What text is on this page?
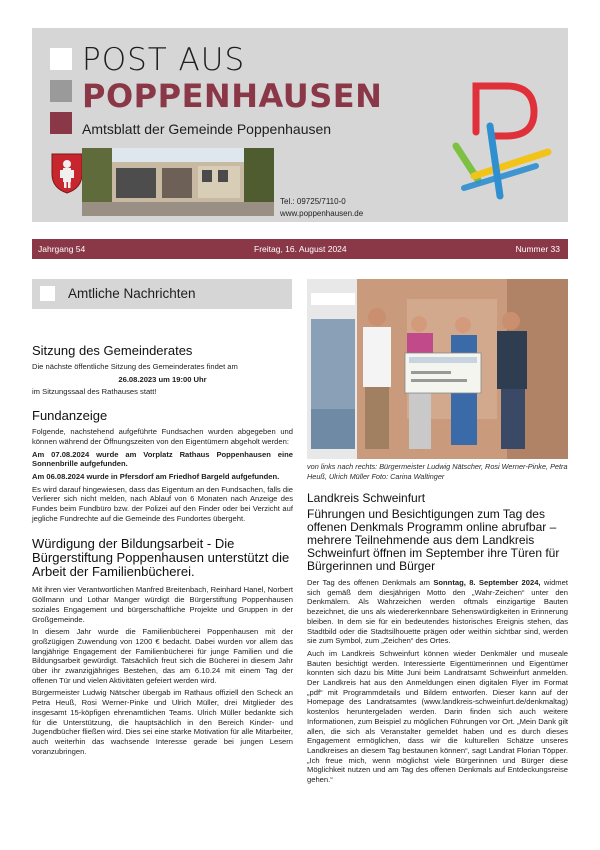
POST AUS
POPPENHAUSEN
Amtsblatt der Gemeinde Poppenhausen
Tel.: 09725/7110-0
www.poppenhausen.de
Jahrgang 54	Freitag, 16. August 2024	Nummer 33
Amtliche Nachrichten
Sitzung des Gemeinderates

Die nächste öffentliche Sitzung des Gemeinderates findet am

26.08.2023 um 19:00 Uhr

im Sitzungssaal des Rathauses statt!

Fundanzeige

Folgende, nachstehend aufgeführte Fundsachen wurden abgegeben und können während der Öffnungszeiten von den Eigentümern abgeholt werden:

Am 07.08.2024 wurde am Vorplatz Rathaus Poppenhausen eine Sonnenbrille aufgefunden.

Am 06.08.2024 wurde in Pfersdorf am Friedhof Bargeld aufgefunden.

Es wird darauf hingewiesen, dass das Eigentum an den Fundsachen, falls die Verlierer sich nicht melden, nach Ablauf von 6 Monaten nach Anzeige des Fundes beim Fundbüro bzw. der Polizei auf den Finder oder bei Verzicht auf jegliche Fundrechte auf die Gemeinde des Fundortes übergeht.

Würdigung der Bildungsarbeit - Die Bürgerstiftung Poppenhausen unterstützt die Arbeit der Familienbücherei.

Mit ihren vier Verantwortlichen Manfred Breitenbach, Reinhard Hanel, Norbert Göllmann und Lothar Manger würdigt die Bürgerstiftung Poppenhausen soziales Engagement und bürgerschaftliche Projekte und Gruppen in der Großgemeinde.

In diesem Jahr wurde die Familienbücherei Poppenhausen mit der großzügigen Zuwendung von 1200 € bedacht. Dabei wurden vor allem das langjährige Engagement der Familienbücherei für junge Familien und die Bildungsarbeit gewürdigt. Tatsächlich freut sich die Bücherei in diesem Jahr über ihr zwanzigjähriges Bestehen, das am 6.10.24 mit einem Tag der offenen Tür und vielen Aktivitäten gefeiert werden wird.

Bürgermeister Ludwig Nätscher übergab im Rathaus offiziell den Scheck an Petra Heuß, Rosi Werner-Pinke und Ulrich Müller, drei Mitglieder des insgesamt 15-köpfigen ehrenamtlichen Teams. Ulrich Müller bedankte sich für die Unterstützung, die hauptsächlich in den Bereich Kinder- und Jugendbücher fließen wird. Dies sei eine starke Motivation für alle Mitarbeiter, auch weiterhin das wachsende Interesse gerade bei jungen Lesern voranzubringen.

von links nach rechts: Bürgermeister Ludwig Nätscher, Rosi Werner-Pinke, Petra Heuß, Ulrich Müller Foto: Carina Waltinger
Landkreis Schweinfurt
Führungen und Besichtigungen zum Tag des offenen Denkmals Programm online abrufbar – mehrere Teilnehmende aus dem Landkreis Schweinfurt öffnen im September ihre Türen für Bürgerinnen und Bürger

Der Tag des offenen Denkmals am Sonntag, 8. September 2024, widmet sich gemäß dem diesjährigen Motto den „Wahr-Zeichen“ unter den Denkmälern. Als Wahrzeichen werden oftmals einzigartige Bauten bezeichnet, die uns als wiedererkennbare Sehenswürdigkeiten in Erinnerung bleiben. In dem sie für ein bedeutendes historisches Ereignis stehen, das Stadtbild oder die Stadtsilhouette prägen oder weithin sichtbar sind, werden sie zum Symbol, zum „Zeichen“ des Ortes.

Auch im Landkreis Schweinfurt können wieder Denkmäler und museale Bauten besichtigt werden. Interessierte Eigentümerinnen und Eigentümer konnten sich dazu bis Mitte Juni beim Landratsamt Schweinfurt anmelden. Der Landkreis hat aus den Anmeldungen einen digitalen Flyer im Format „pdf“ mit Programmdetails und Bildern entworfen. Dieser kann auf der Homepage des Landratsamtes (www.landkreis-schweinfurt.de/denkmaltag) kostenlos heruntergeladen werden. Darin finden sich auch weitere Informationen, zum Beispiel zu möglichen Führungen vor Ort. „Mein Dank gilt allen, die sich als Veranstalter gemeldet haben und es durch dieses Engagement ermöglichen, dass wir die kulturellen Schätze unseres Landkreises an diesem Tag bestaunen können“, sagt Landrat Florian Töpper. „Ich freue mich, wenn möglichst viele Bürgerinnen und Bürger diese Möglichkeit nutzen und am Tag des offenen Denkmals auf Entdeckungsreise gehen.“
